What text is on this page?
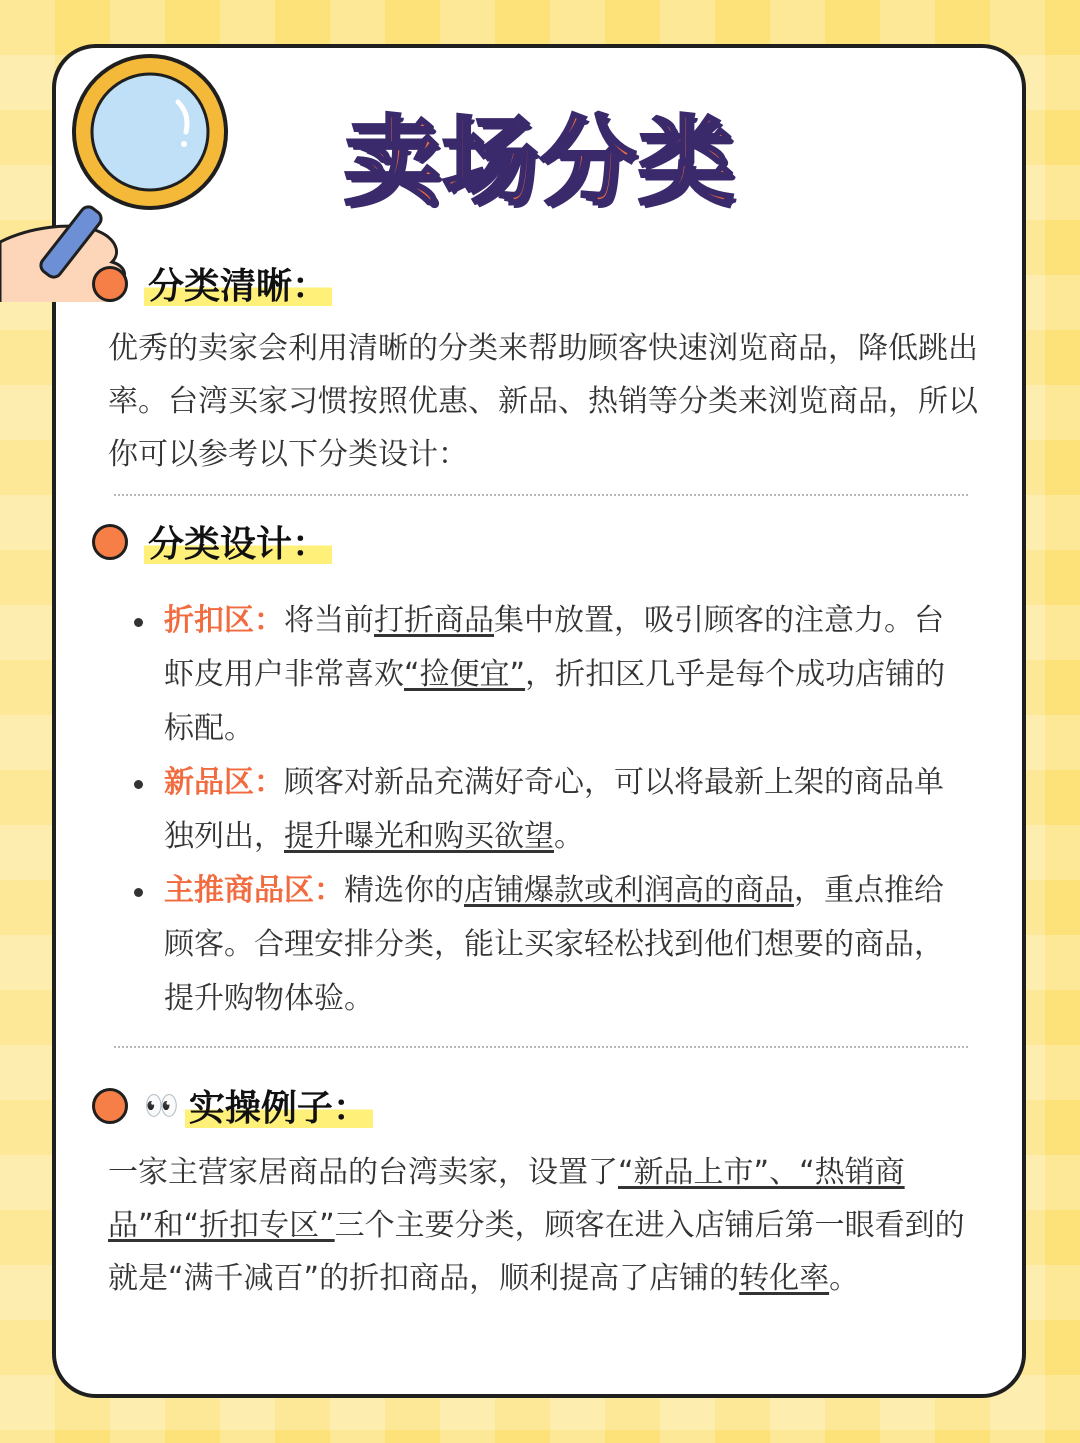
卖场分类
分类清晰：
优秀的卖家会利用清晰的分类来帮助顾客快速浏览商品，降低跳出率。台湾买家习惯按照优惠、新品、热销等分类来浏览商品，所以你可以参考以下分类设计：
分类设计：
折扣区：将当前打折商品集中放置，吸引顾客的注意力。台虾皮用户非常喜欢“捡便宜”，折扣区几乎是每个成功店铺的标配。
新品区：顾客对新品充满好奇心，可以将最新上架的商品单独列出，提升曝光和购买欲望。
主推商品区：精选你的店铺爆款或利润高的商品，重点推给顾客。合理安排分类，能让买家轻松找到他们想要的商品，提升购物体验。
👀 实操例子：
一家主营家居商品的台湾卖家，设置了“新品上市”、“热销商品”和“折扣专区”三个主要分类，顾客在进入店铺后第一眼看到的就是“满千减百”的折扣商品，顺利提高了店铺的转化率。
